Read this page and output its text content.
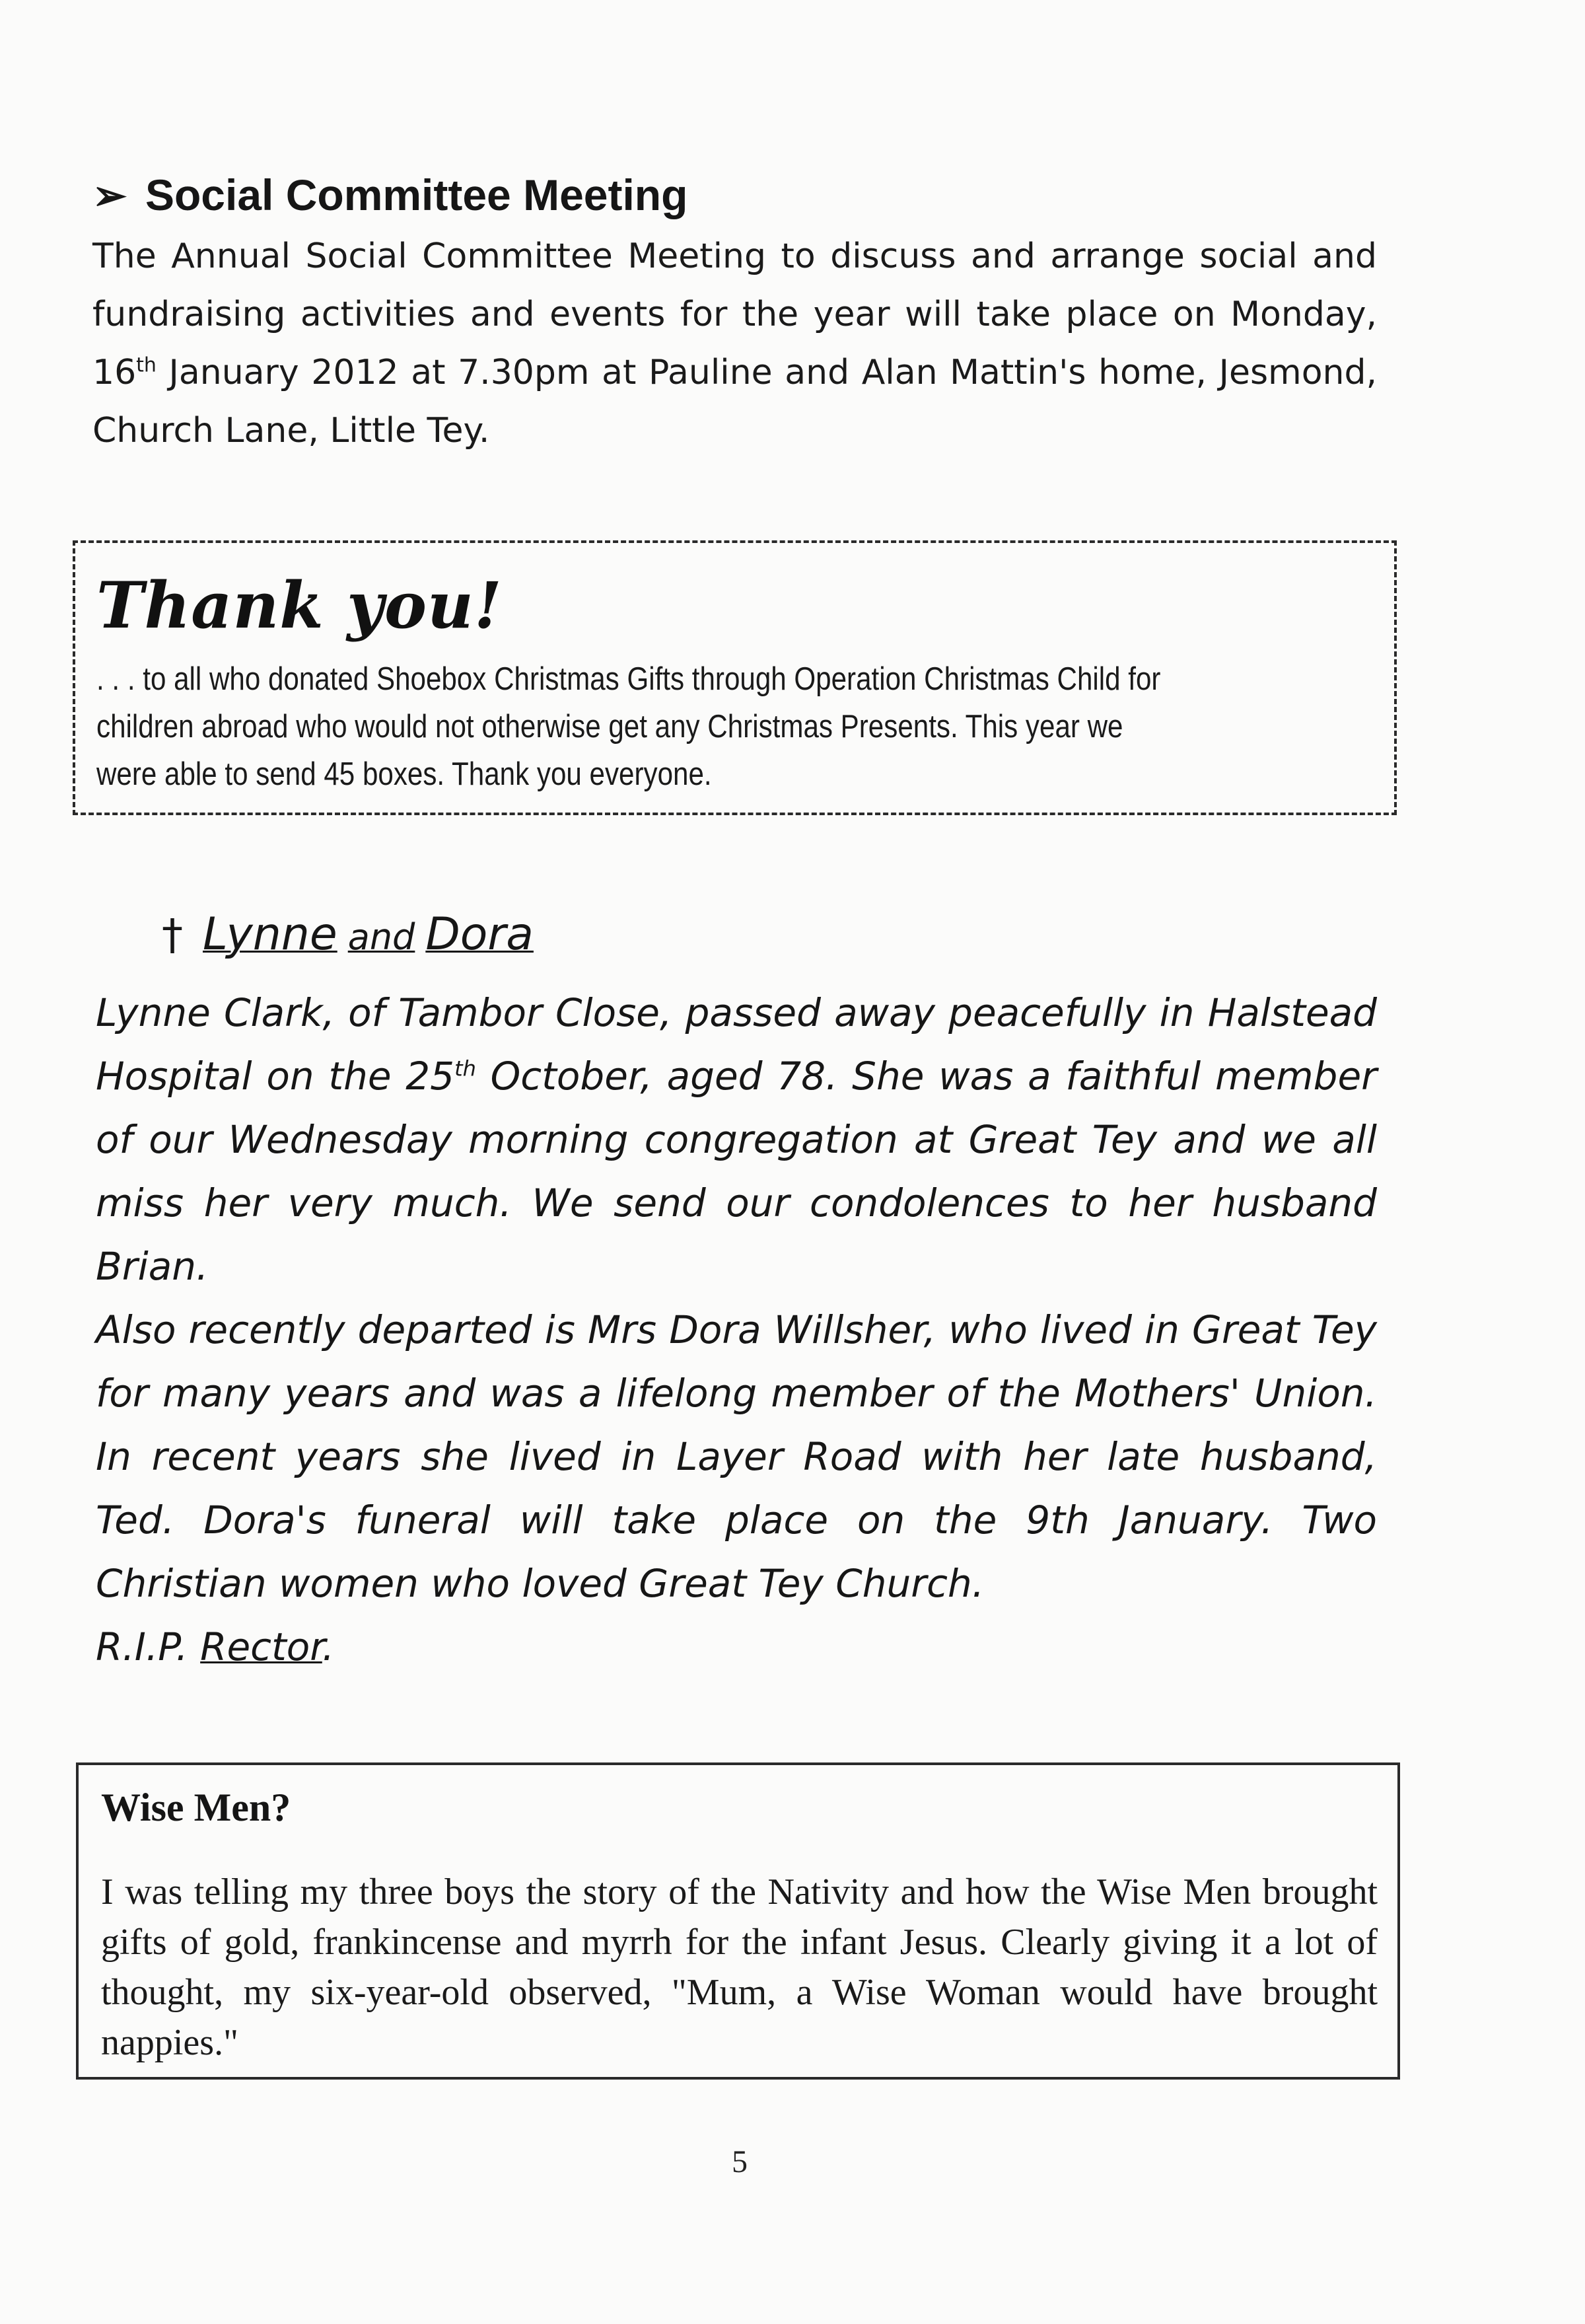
➢ Social Committee Meeting

The Annual Social Committee Meeting to discuss and arrange social and fundraising activities and events for the year will take place on Monday, 16th January 2012 at 7.30pm at Pauline and Alan Mattin's home, Jesmond, Church Lane, Little Tey.

Thank you!
. . . to all who donated Shoebox Christmas Gifts through Operation Christmas Child for
children abroad who would not otherwise get any Christmas Presents. This year we
were able to send 45 boxes. Thank you everyone.
† Lynne and Dora

Lynne Clark, of Tambor Close, passed away peacefully in Halstead Hospital on the 25th October, aged 78. She was a faithful member of our Wednesday morning congregation at Great Tey and we all miss her very much. We send our condolences to her husband Brian.

Also recently departed is Mrs Dora Willsher, who lived in Great Tey for many years and was a lifelong member of the Mothers' Union. In recent years she lived in Layer Road with her late husband, Ted. Dora's funeral will take place on the 9th January. Two Christian women who loved Great Tey Church.

R.I.P. Rector.

Wise Men?

I was telling my three boys the story of the Nativity and how the Wise Men brought gifts of gold, frankincense and myrrh for the infant Jesus. Clearly giving it a lot of thought, my six-year-old observed, "Mum, a Wise Woman would have brought nappies."

5
